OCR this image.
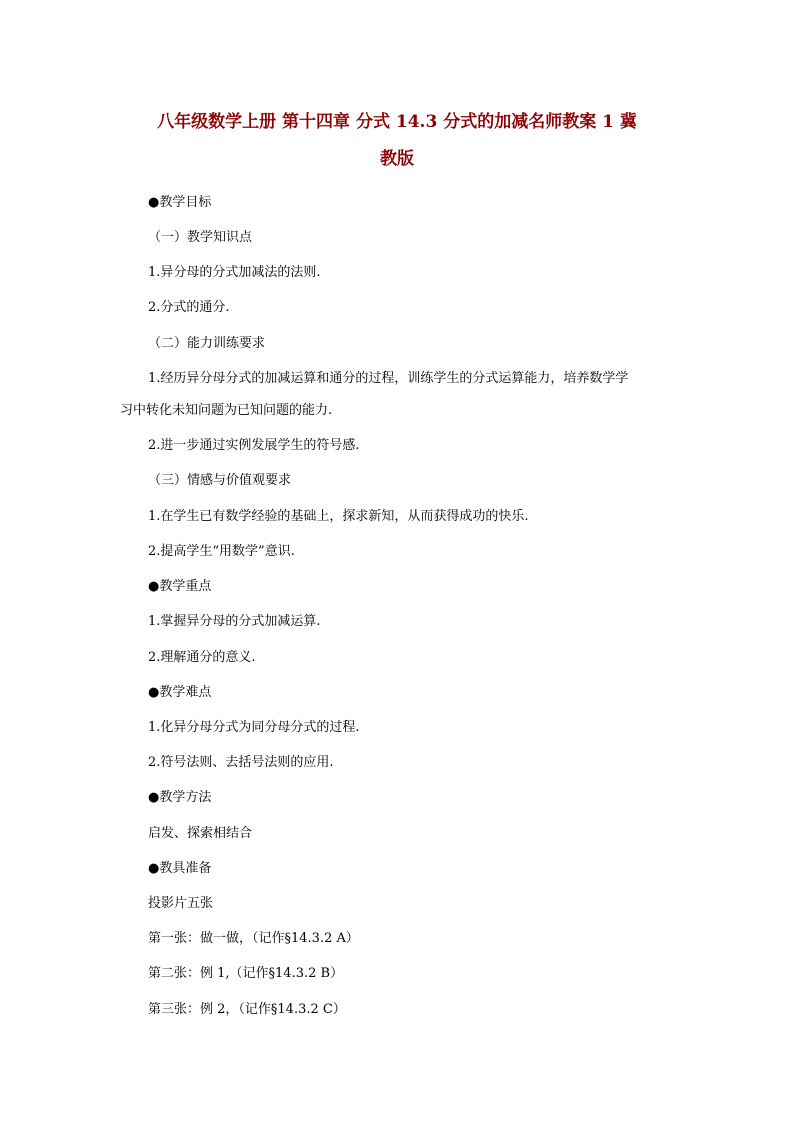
八年级数学上册 第十四章 分式 14.3 分式的加减名师教案 1 冀
教版
●教学目标
（一）教学知识点
1.异分母的分式加减法的法则.
2.分式的通分.
（二）能力训练要求
1.经历异分母分式的加减运算和通分的过程，训练学生的分式运算能力，培养数学学
习中转化未知问题为已知问题的能力.
2.进一步通过实例发展学生的符号感.
（三）情感与价值观要求
1.在学生已有数学经验的基础上，探求新知，从而获得成功的快乐.
2.提高学生“用数学”意识.
●教学重点
1.掌握异分母的分式加减运算.
2.理解通分的意义.
●教学难点
1.化异分母分式为同分母分式的过程.
2.符号法则、去括号法则的应用.
●教学方法
启发、探索相结合
●教具准备
投影片五张
第一张：做一做，（记作§14.3.2 A）
第二张：例 1,（记作§14.3.2 B）
第三张：例 2，（记作§14.3.2 C）
